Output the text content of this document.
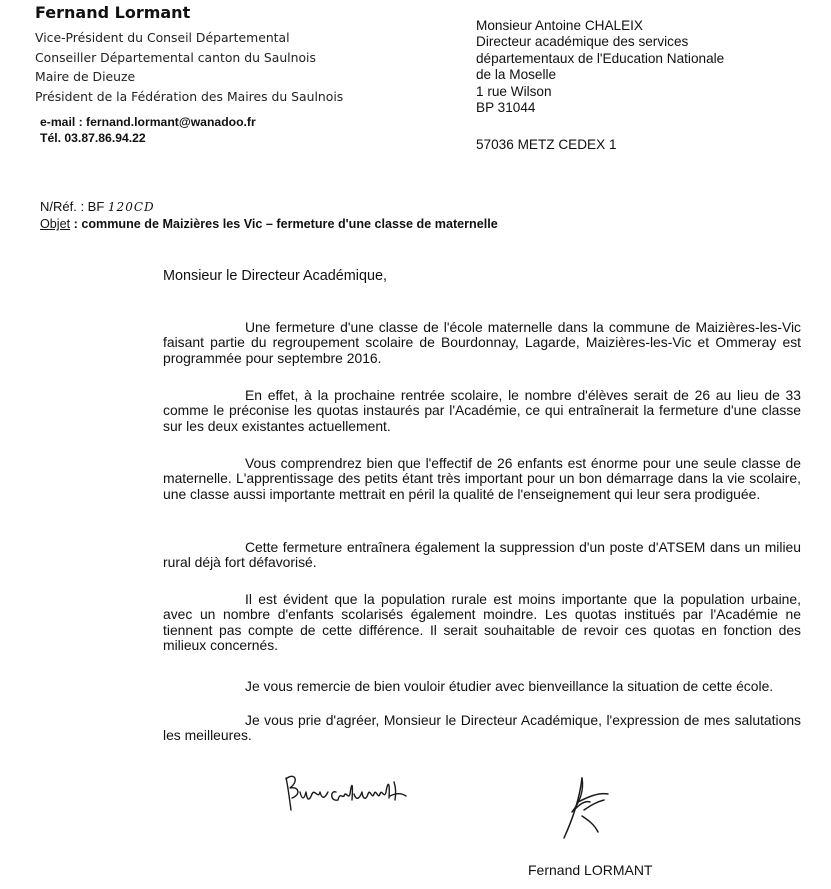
Fernand Lormant
Vice-Président du Conseil Départemental
Conseiller Départemental canton du Saulnois
Maire de Dieuze
Président de la Fédération des Maires du Saulnois
e-mail : fernand.lormant@wanadoo.fr
Tél. 03.87.86.94.22
Monsieur Antoine CHALEIX
Directeur académique des services
départementaux de l'Education Nationale
de la Moselle
1 rue Wilson
BP 31044
57036 METZ CEDEX 1
N/Réf. : BF 120CD
Objet : commune de Maizières les Vic – fermeture d'une classe de maternelle
Monsieur le Directeur Académique,

Une fermeture d'une classe de l'école maternelle dans la commune de Maizières-les-Vic faisant partie du regroupement scolaire de Bourdonnay, Lagarde, Maizières-les-Vic et Ommeray est programmée pour septembre 2016.

En effet, à la prochaine rentrée scolaire, le nombre d'élèves serait de 26 au lieu de 33 comme le préconise les quotas instaurés par l'Académie, ce qui entraînerait la fermeture d'une classe sur les deux existantes actuellement.

Vous comprendrez bien que l'effectif de 26 enfants est énorme pour une seule classe de maternelle. L'apprentissage des petits étant très important pour un bon démarrage dans la vie scolaire, une classe aussi importante mettrait en péril la qualité de l'enseignement qui leur sera prodiguée.

Cette fermeture entraînera également la suppression d'un poste d'ATSEM dans un milieu rural déjà fort défavorisé.

Il est évident que la population rurale est moins importante que la population urbaine, avec un nombre d'enfants scolarisés également moindre. Les quotas institués par l'Académie ne tiennent pas compte de cette différence. Il serait souhaitable de revoir ces quotas en fonction des milieux concernés.

Je vous remercie de bien vouloir étudier avec bienveillance la situation de cette école.

Je vous prie d'agréer, Monsieur le Directeur Académique, l'expression de mes salutations les meilleures.

Fernand LORMANT
